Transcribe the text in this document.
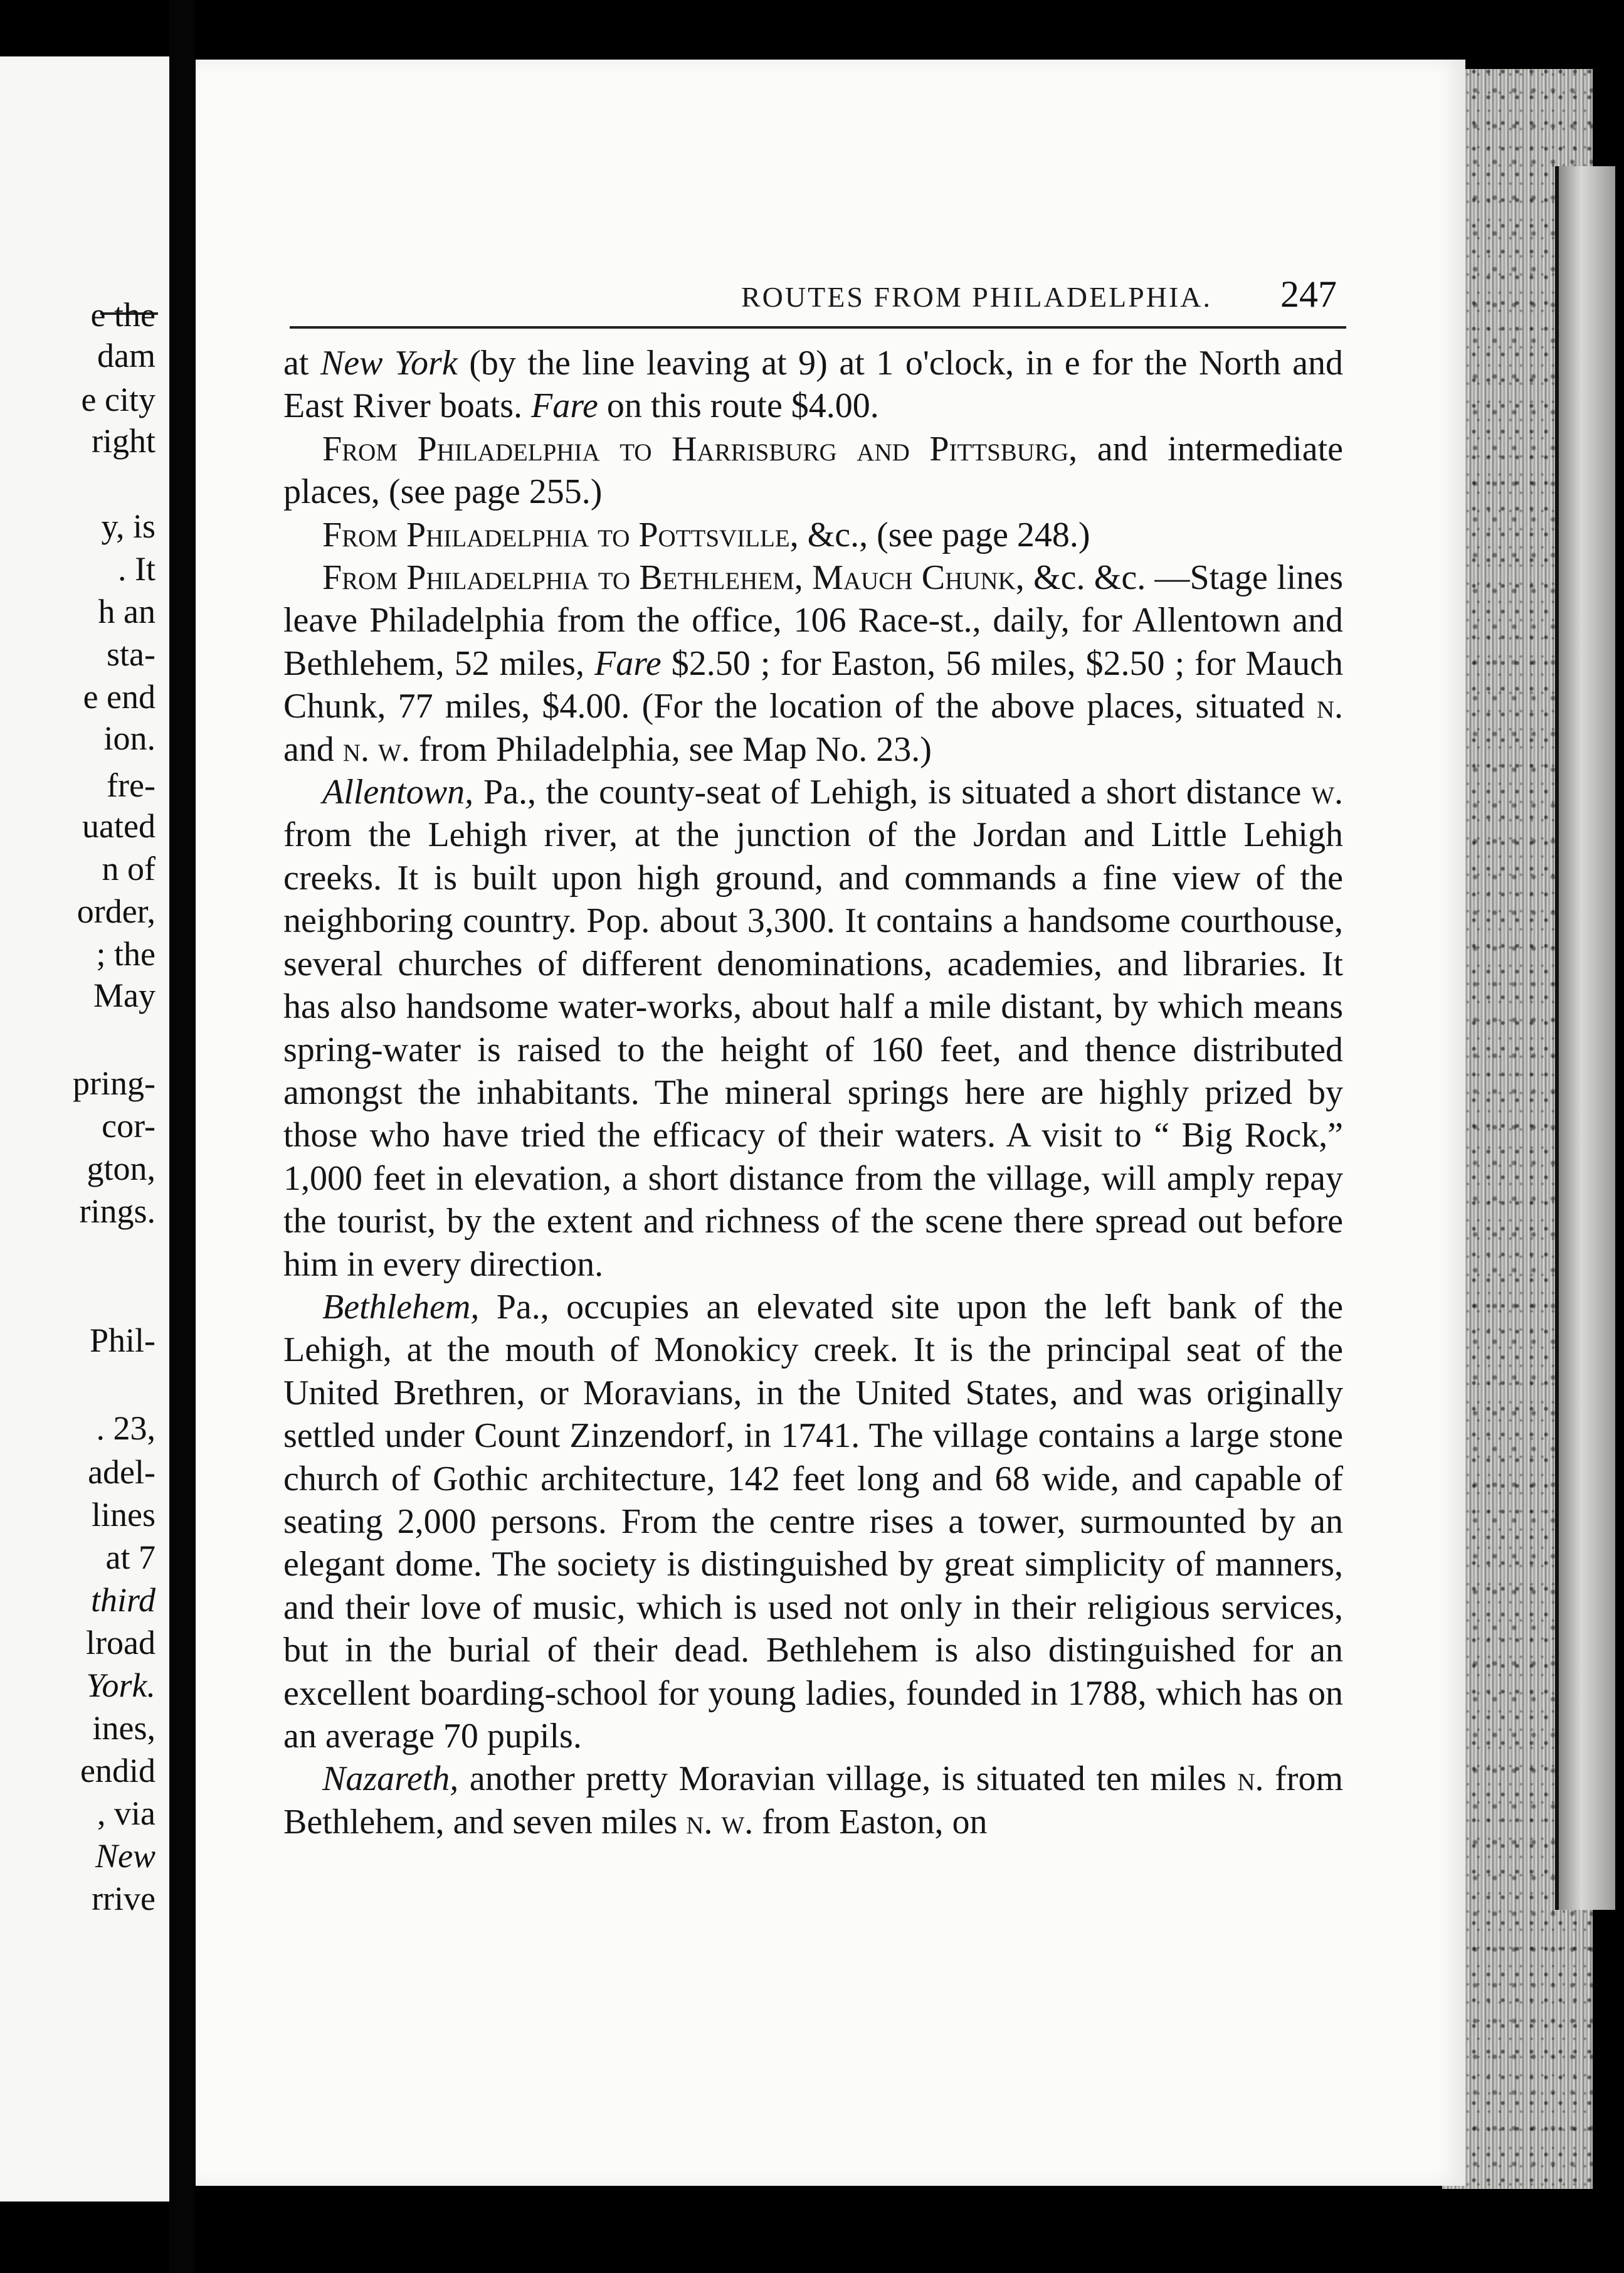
e the
dam
e city
right
y, is
. It
h an
sta-
e end
ion.
fre-
uated
n of
order,
; the
May
pring-
cor-
gton,
rings.
Phil-
. 23,
adel-
lines
at 7
third
lroad
York.
ines,
endid
, via
New
rrive
ROUTES FROM PHILADELPHIA. 247

at New York (by the line leaving at 9) at 1 o'clock, in e for the North and East River boats. Fare on this route $4.00.

From Philadelphia to Harrisburg and Pittsburg, and intermediate places, (see page 255.)

From Philadelphia to Pottsville, &c., (see page 248.)

From Philadelphia to Bethlehem, Mauch Chunk, &c. &c. —Stage lines leave Philadelphia from the office, 106 Race-st., daily, for Allentown and Bethlehem, 52 miles, Fare $2.50 ; for Easton, 56 miles, $2.50 ; for Mauch Chunk, 77 miles, $4.00. (For the location of the above places, situated n. and n. w. from Philadelphia, see Map No. 23.)

Allentown, Pa., the county-seat of Lehigh, is situated a short distance w. from the Lehigh river, at the junction of the Jordan and Little Lehigh creeks. It is built upon high ground, and commands a fine view of the neighboring country. Pop. about 3,300. It contains a handsome courthouse, several churches of different denominations, academies, and libraries. It has also handsome water-works, about half a mile distant, by which means spring-water is raised to the height of 160 feet, and thence distributed amongst the inhabitants. The mineral springs here are highly prized by those who have tried the efficacy of their waters. A visit to “ Big Rock,” 1,000 feet in elevation, a short distance from the village, will amply repay the tourist, by the extent and richness of the scene there spread out before him in every direction.

Bethlehem, Pa., occupies an elevated site upon the left bank of the Lehigh, at the mouth of Monokicy creek. It is the principal seat of the United Brethren, or Moravians, in the United States, and was originally settled under Count Zinzendorf, in 1741. The village contains a large stone church of Gothic architecture, 142 feet long and 68 wide, and capable of seating 2,000 persons. From the centre rises a tower, surmounted by an elegant dome. The society is distinguished by great simplicity of manners, and their love of music, which is used not only in their religious services, but in the burial of their dead. Bethlehem is also distinguished for an excellent boarding-school for young ladies, founded in 1788, which has on an average 70 pupils.

Nazareth, another pretty Moravian village, is situated ten miles n. from Bethlehem, and seven miles n. w. from Easton, on
